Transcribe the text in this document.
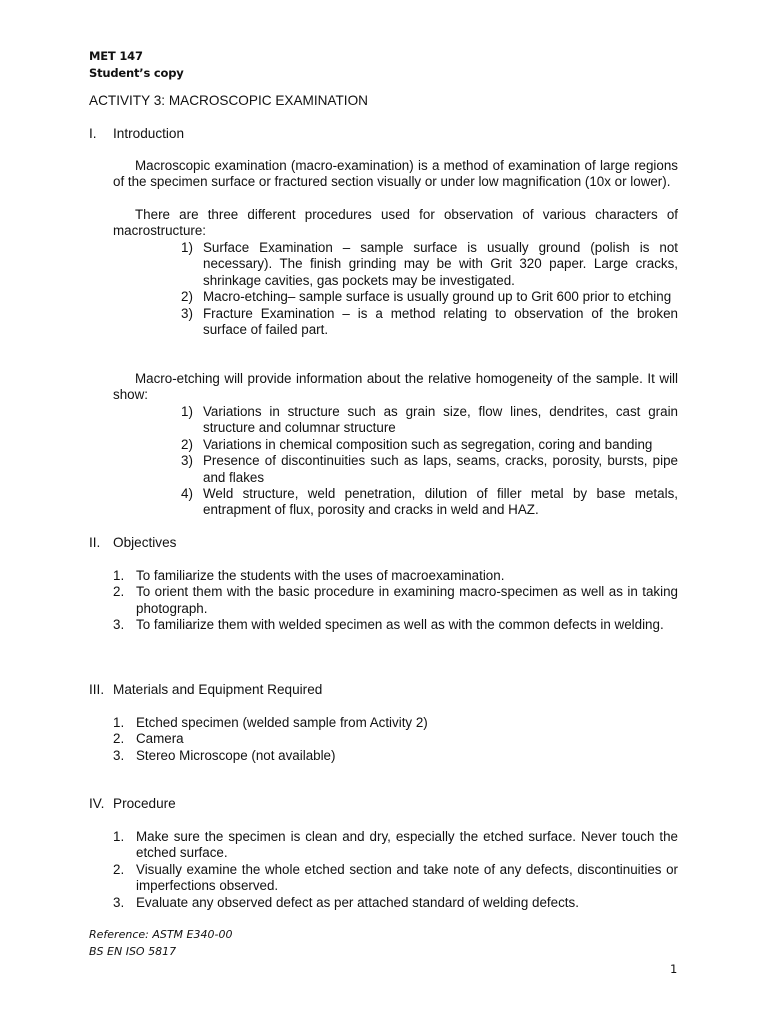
MET 147
Student’s copy
ACTIVITY 3: MACROSCOPIC EXAMINATION
I. Introduction
Macroscopic examination (macro-examination) is a method of examination of large regions of the specimen surface or fractured section visually or under low magnification (10x or lower).
There are three different procedures used for observation of various characters of macrostructure:
1) Surface Examination – sample surface is usually ground (polish is not necessary). The finish grinding may be with Grit 320 paper. Large cracks, shrinkage cavities, gas pockets may be investigated.
2) Macro-etching– sample surface is usually ground up to Grit 600 prior to etching
3) Fracture Examination – is a method relating to observation of the broken surface of failed part.
Macro-etching will provide information about the relative homogeneity of the sample. It will show:
1) Variations in structure such as grain size, flow lines, dendrites, cast grain structure and columnar structure
2) Variations in chemical composition such as segregation, coring and banding
3) Presence of discontinuities such as laps, seams, cracks, porosity, bursts, pipe and flakes
4) Weld structure, weld penetration, dilution of filler metal by base metals, entrapment of flux, porosity and cracks in weld and HAZ.
II. Objectives
1. To familiarize the students with the uses of macroexamination.
2. To orient them with the basic procedure in examining macro-specimen as well as in taking photograph.
3. To familiarize them with welded specimen as well as with the common defects in welding.
III. Materials and Equipment Required
1. Etched specimen (welded sample from Activity 2)
2. Camera
3. Stereo Microscope (not available)
IV. Procedure
1. Make sure the specimen is clean and dry, especially the etched surface. Never touch the etched surface.
2. Visually examine the whole etched section and take note of any defects, discontinuities or imperfections observed.
3. Evaluate any observed defect as per attached standard of welding defects.
Reference: ASTM E340-00
BS EN ISO 5817
1
